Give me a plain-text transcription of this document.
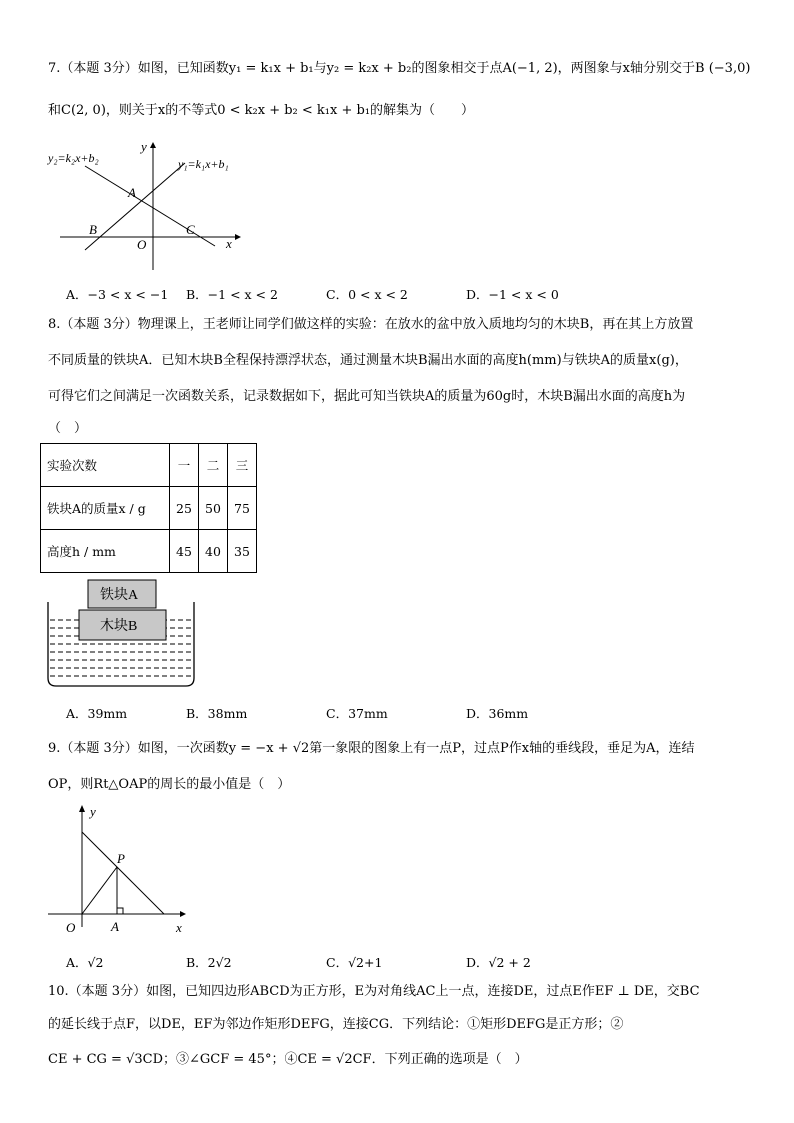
7.（本题 3分）如图，已知函数y₁ = k₁x + b₁与y₂ = k₂x + b₂的图象相交于点A(−1, 2)，两图象与x轴分别交于B (−3,0)
和C(2, 0)，则关于x的不等式0 < k₂x + b₂ < k₁x + b₁的解集为（　　）
y₂=k₂x+b₂	y₁=k₁x+b₁
y
x
A
B	C
O
A．−3 < x < −1 B．−1 < x < 2	C．0 < x < 2	D．−1 < x < 0
8.（本题 3分）物理课上，王老师让同学们做这样的实验：在放水的盆中放入质地均匀的木块B，再在其上方放置
不同质量的铁块A．已知木块B全程保持漂浮状态，通过测量木块B漏出水面的高度h(mm)与铁块A的质量x(g)，
可得它们之间满足一次函数关系，记录数据如下，据此可知当铁块A的质量为60g时，木块B漏出水面的高度h为
（　）
实验次数	一	二	三
铁块A的质量x / g	25	50	75
高度h / mm	45	40	35
铁块A
木块B
A．39mm	B．38mm	C．37mm	D．36mm
9.（本题 3分）如图，一次函数y = −x + √2第一象限的图象上有一点P，过点P作x轴的垂线段，垂足为A，连结
OP，则Rt△OAP的周长的最小值是（　）
y
x
P
A
O
A．√2	B．2√2	C．√2+1	D．√2 + 2
10.（本题 3分）如图，已知四边形ABCD为正方形，E为对角线AC上一点，连接DE，过点E作EF ⊥ DE，交BC
的延长线于点F，以DE，EF为邻边作矩形DEFG，连接CG．下列结论：①矩形DEFG是正方形；②
CE + CG = √3CD；③∠GCF = 45°；④CE = √2CF．下列正确的选项是（　）
